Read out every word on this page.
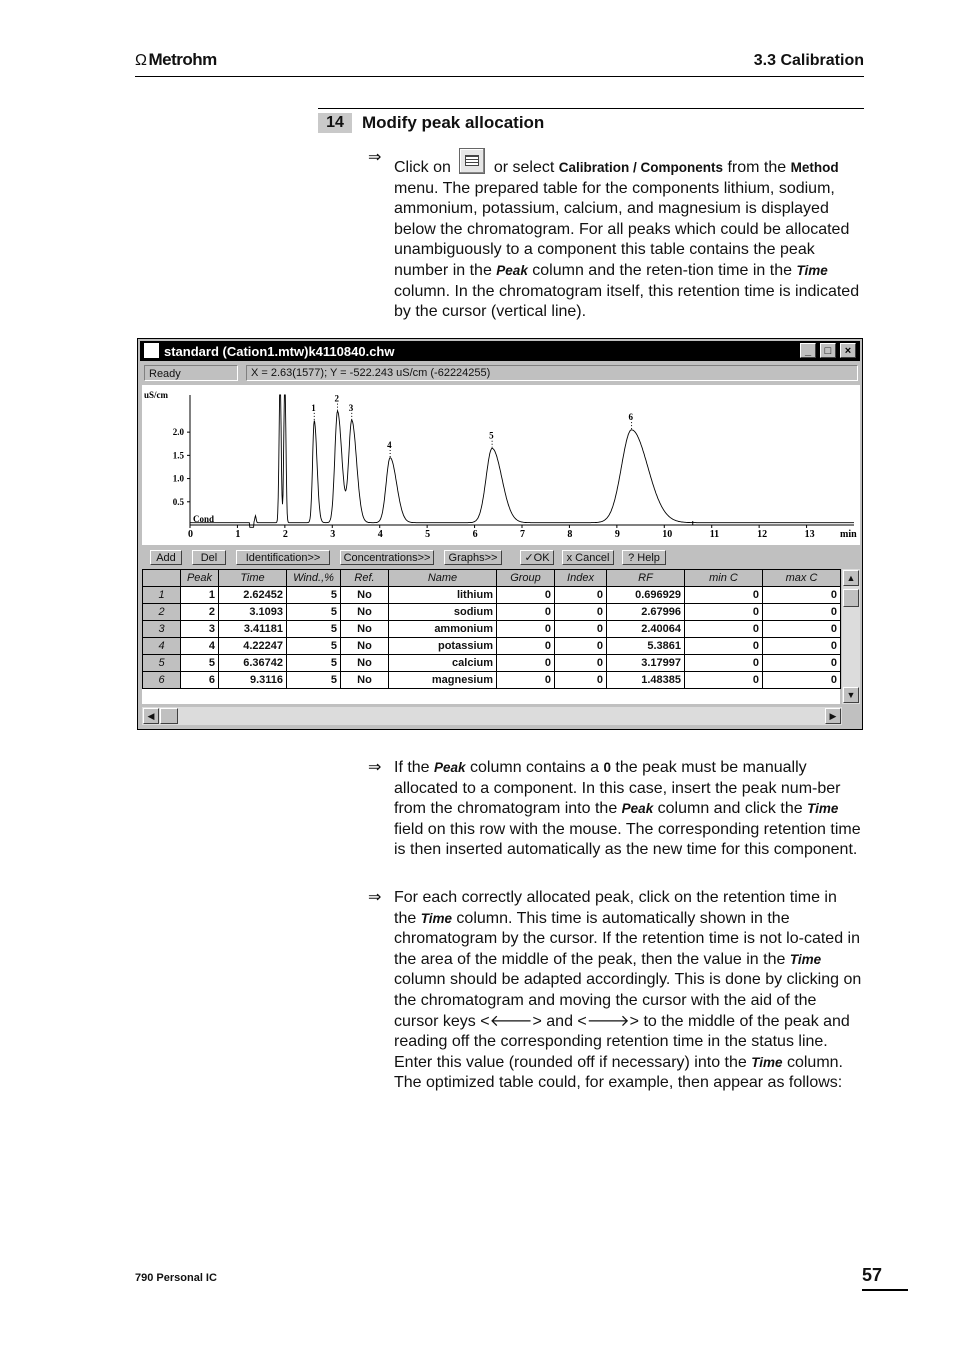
Ω Metrohm	3.3 Calibration
14	Modify peak allocation
⇒
Click on	or select Calibration / Components from the Method menu. The prepared table for the components lithium, sodium, ammonium, potassium, calcium, and magnesium is displayed below the chromatogram. For all peaks which could be allocated unambiguously to a component this table contains the peak number in the Peak column and the reten-tion time in the Time column. In the chromatogram itself, this retention time is indicated by the cursor (vertical line).
standard (Cation1.mtw)k4110840.chw	_	□	×
Ready	X = 2.63(1577); Y = -522.243 uS/cm (-62224255)
0.5
1.0
1.5
2.0
uS/cm
0	1	2	3	4	5	6	7	8	9	10	11	12	13	min
Cond
1
2
3
4
5
6
Add	Del	Identification>>	Concentrations>>	Graphs>>	✓OK	x Cancel	? Help
	Peak	Time	Wind.,%	Ref.	Name	Group	Index	RF	min C	max C
1	1	2.62452	5	No	lithium	0	0	0.696929	0	0
2	2	3.1093	5	No	sodium	0	0	2.67996	0	0
3	3	3.41181	5	No	ammonium	0	0	2.40064	0	0
4	4	4.22247	5	No	potassium	0	0	5.3861	0	0
5	5	6.36742	5	No	calcium	0	0	3.17997	0	0
6	6	9.3116	5	No	magnesium	0	0	1.48385	0	0
▲
▼
◀	▶
⇒ If the Peak column contains a 0 the peak must be manually allocated to a component. In this case, insert the peak num-ber from the chromatogram into the Peak column and click the Time field on this row with the mouse. The corresponding retention time is then inserted automatically as the new time for this component.
⇒ For each correctly allocated peak, click on the retention time in the Time column. This time is automatically shown in the chromatogram by the cursor. If the retention time is not lo-cated in the area of the middle of the peak, then the value in the Time column should be adapted accordingly. This is done by clicking on the chromatogram and moving the cursor with the aid of the cursor keys <🡐> and <🡒> to the middle of the peak and reading off the corresponding retention time in the status line. Enter this value (rounded off if necessary) into the Time column. The optimized table could, for example, then appear as follows:
790 Personal IC	57
